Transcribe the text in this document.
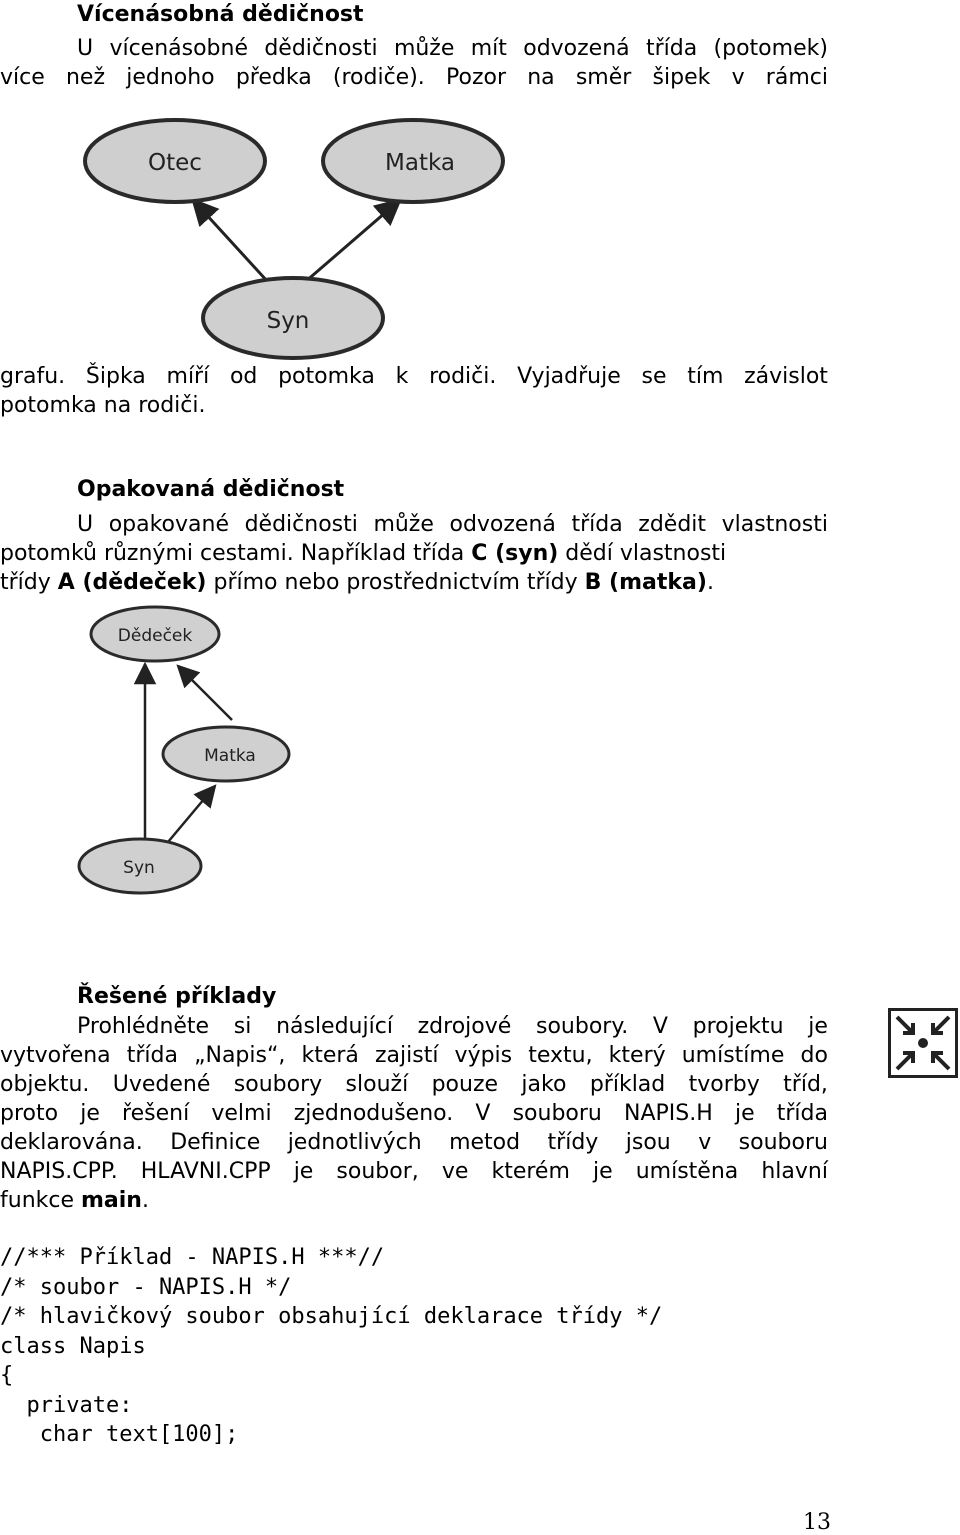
Vícenásobná dědičnost
U vícenásobné dědičnosti může mít odvozená třída (potomek)
více než jednoho předka (rodiče). Pozor na směr šipek v rámci
Otec	Matka
Syn
Dědeček
Matka
Syn
grafu. Šipka míří od potomka k rodiči. Vyjadřuje se tím závislot
potomka na rodiči.
Opakovaná dědičnost
U opakované dědičnosti může odvozená třída zdědit vlastnosti
potomků různými cestami. Například třída C (syn) dědí vlastnosti
třídy A (dědeček) přímo nebo prostřednictvím třídy B (matka).
Řešené příklady
Prohlédněte si následující zdrojové soubory. V projektu je
vytvořena třída „Napis“, která zajistí výpis textu, který umístíme do
objektu. Uvedené soubory slouží pouze jako příklad tvorby tříd,
proto je řešení velmi zjednodušeno. V souboru NAPIS.H je třída
deklarována. Definice jednotlivých metod třídy jsou v souboru
NAPIS.CPP. HLAVNI.CPP je soubor, ve kterém je umístěna hlavní
funkce main.
//*** Příklad - NAPIS.H ***//
/* soubor - NAPIS.H */
/* hlavičkový soubor obsahující deklarace třídy */
class Napis
{
private:
char text[100];
13
